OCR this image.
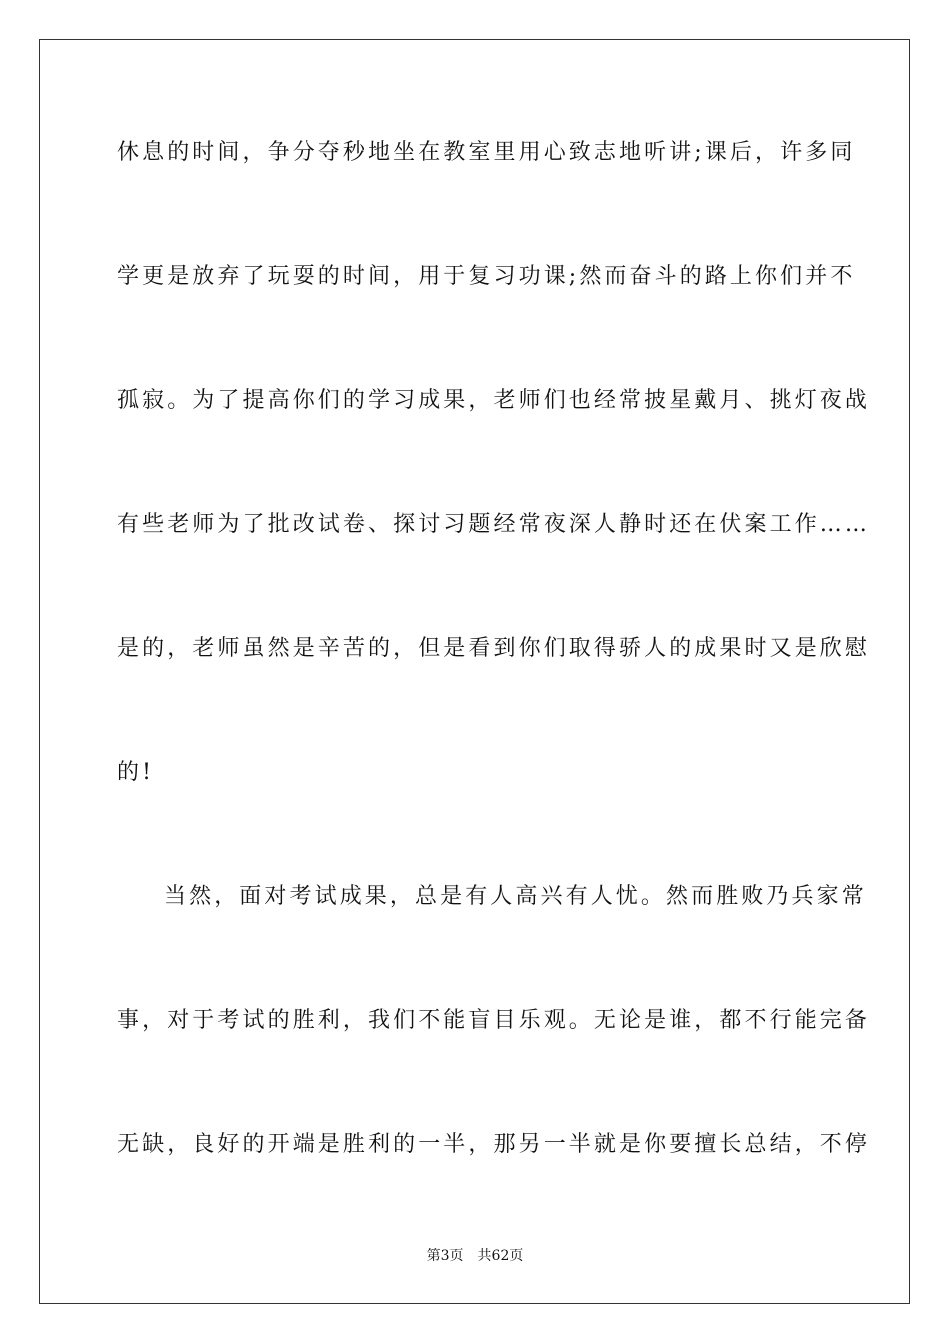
休息的时间，争分夺秒地坐在教室里用心致志地听讲;课后，许多同
学更是放弃了玩耍的时间，用于复习功课;然而奋斗的路上你们并不
孤寂。为了提高你们的学习成果，老师们也经常披星戴月、挑灯夜战
有些老师为了批改试卷、探讨习题经常夜深人静时还在伏案工作……
是的，老师虽然是辛苦的，但是看到你们取得骄人的成果时又是欣慰
的!
当然，面对考试成果，总是有人高兴有人忧。然而胜败乃兵家常
事，对于考试的胜利，我们不能盲目乐观。无论是谁，都不行能完备
无缺，良好的开端是胜利的一半，那另一半就是你要擅长总结，不停
第3页 共62页
